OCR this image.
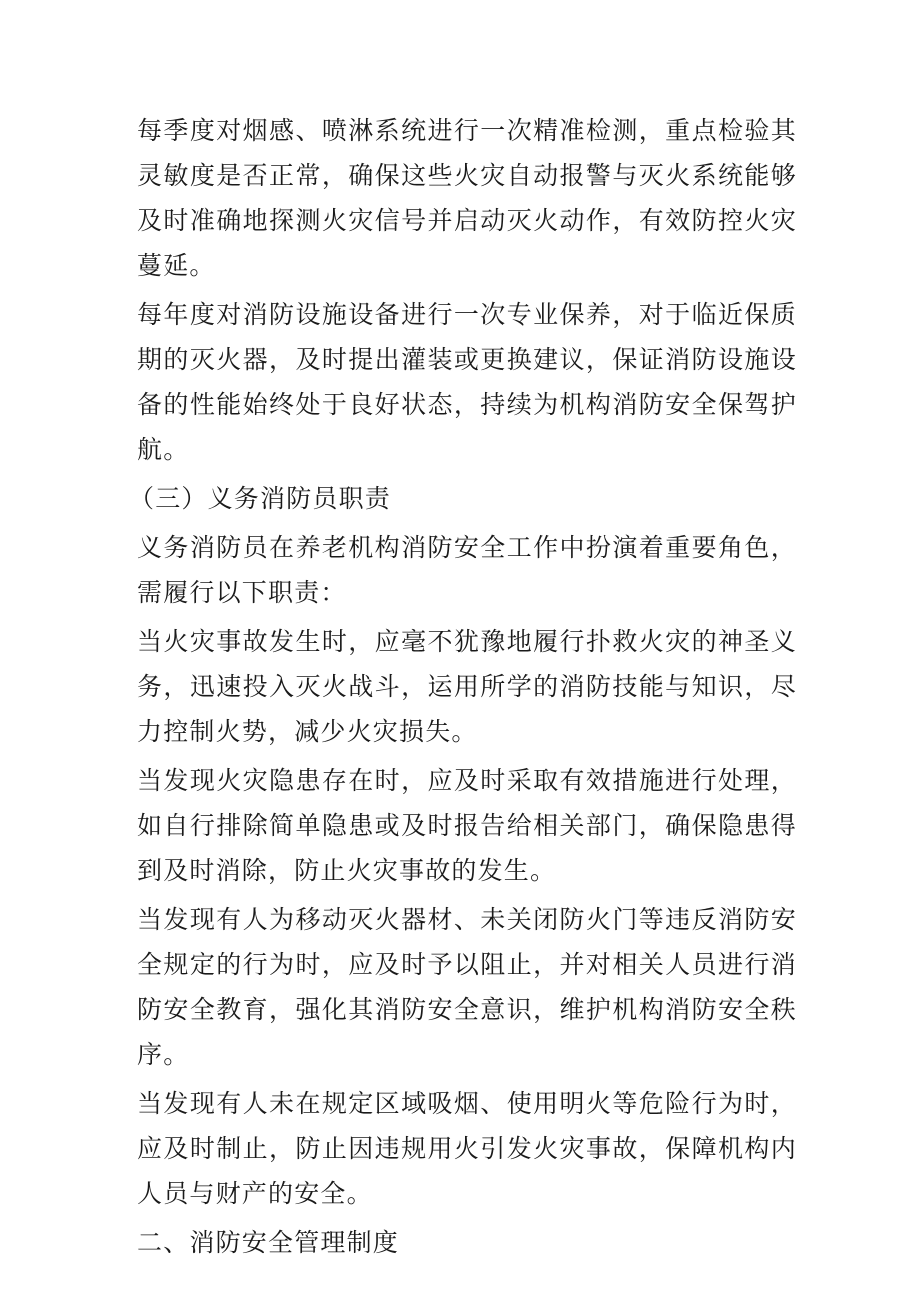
每季度对烟感、喷淋系统进行一次精准检测，重点检验其灵敏度是否正常，确保这些火灾自动报警与灭火系统能够及时准确地探测火灾信号并启动灭火动作，有效防控火灾蔓延。

每年度对消防设施设备进行一次专业保养，对于临近保质期的灭火器，及时提出灌装或更换建议，保证消防设施设备的性能始终处于良好状态，持续为机构消防安全保驾护航。

（三）义务消防员职责

义务消防员在养老机构消防安全工作中扮演着重要角色，需履行以下职责：

当火灾事故发生时，应毫不犹豫地履行扑救火灾的神圣义务，迅速投入灭火战斗，运用所学的消防技能与知识，尽力控制火势，减少火灾损失。

当发现火灾隐患存在时，应及时采取有效措施进行处理，如自行排除简单隐患或及时报告给相关部门，确保隐患得到及时消除，防止火灾事故的发生。

当发现有人为移动灭火器材、未关闭防火门等违反消防安全规定的行为时，应及时予以阻止，并对相关人员进行消防安全教育，强化其消防安全意识，维护机构消防安全秩序。

当发现有人未在规定区域吸烟、使用明火等危险行为时，应及时制止，防止因违规用火引发火灾事故，保障机构内人员与财产的安全。

二、消防安全管理制度
